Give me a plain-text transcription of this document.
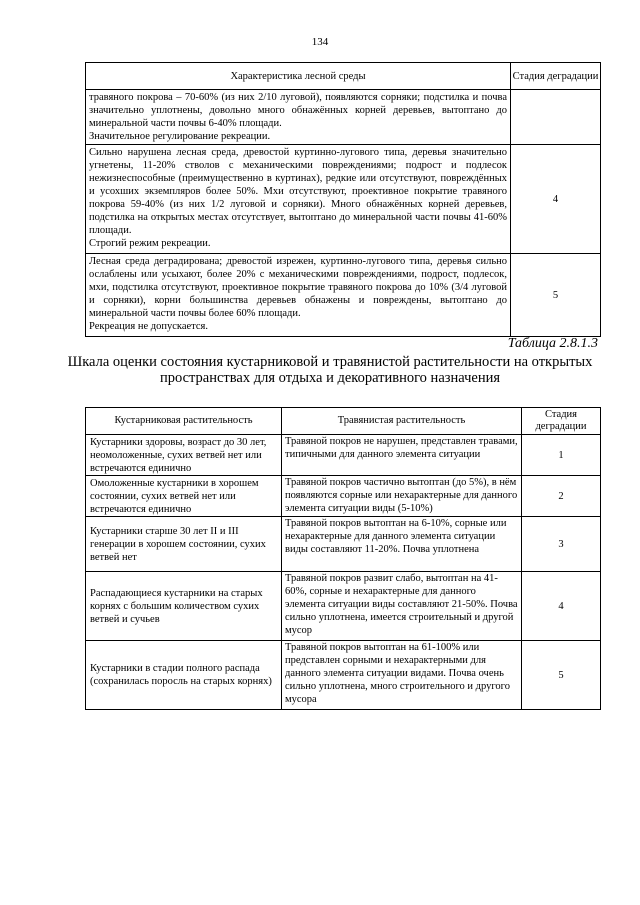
134
Характеристика лесной среды	Стадия деградации

травяного покрова – 70-60% (из них 2/10 луговой), появляются сорняки; подстилка и почва значительно уплотнены, довольно много обнажённых корней деревьев, вытоптано до минеральной части почвы 6-40% площади.
Значительное регулирование рекреации.	

Сильно нарушена лесная среда, древостой куртинно-лугового типа, деревья значительно угнетены, 11-20% стволов с механическими повреждениями; подрост и подлесок нежизнеспособные (преимущественно в куртинах), редкие или отсутствуют, повреждённых и усохших экземпляров более 50%. Мхи отсутствуют, проективное покрытие травяного покрова 59-40% (из них 1/2 луговой и сорняки). Много обнажённых корней деревьев, подстилка на открытых местах отсутствует, вытоптано до минеральной части почвы 41-60% площади.
Строгий режим рекреации.	4

Лесная среда деградирована; древостой изрежен, куртинно-лугового типа, деревья сильно ослаблены или усыхают, более 20% с механическими повреждениями, подрост, подлесок, мхи, подстилка отсутствуют, проективное покрытие травяного покрова до 10% (3/4 луговой и сорняки), корни большинства деревьев обнажены и повреждены, вытоптано до минеральной части почвы более 60% площади.
Рекреация не допускается.	5
Таблица 2.8.1.3
Шкала оценки состояния кустарниковой и травянистой растительности на открытых пространствах для отдыха и декоративного назначения
Кустарниковая растительность	Травянистая растительность	Стадия деградации
Кустарники здоровы, возраст до 30 лет, неомоложенные, сухих ветвей нет или встречаются единично	Травяной покров не нарушен, представлен травами, типичными для данного элемента ситуации	1
Омоложенные кустарники в хорошем состоянии, сухих ветвей нет или встречаются единично	Травяной покров частично вытоптан (до 5%), в нём появляются сорные или нехарактерные для данного элемента ситуации виды (5-10%)	2
Кустарники старше 30 лет II и III генерации в хорошем состоянии, сухих ветвей нет	Травяной покров вытоптан на 6-10%, сорные или нехарактерные для данного элемента ситуации виды составляют 11-20%. Почва уплотнена	3
Распадающиеся кустарники на старых корнях с большим количеством сухих ветвей и сучьев	Травяной покров развит слабо, вытоптан на 41-60%, сорные и нехарактерные для данного элемента ситуации виды составляют 21-50%. Почва сильно уплотнена, имеется строительный и другой мусор	4
Кустарники в стадии полного распада (сохранилась поросль на старых корнях)	Травяной покров вытоптан на 61-100% или представлен сорными и нехарактерными для данного элемента ситуации видами. Почва очень сильно уплотнена, много строительного и другого мусора	5
